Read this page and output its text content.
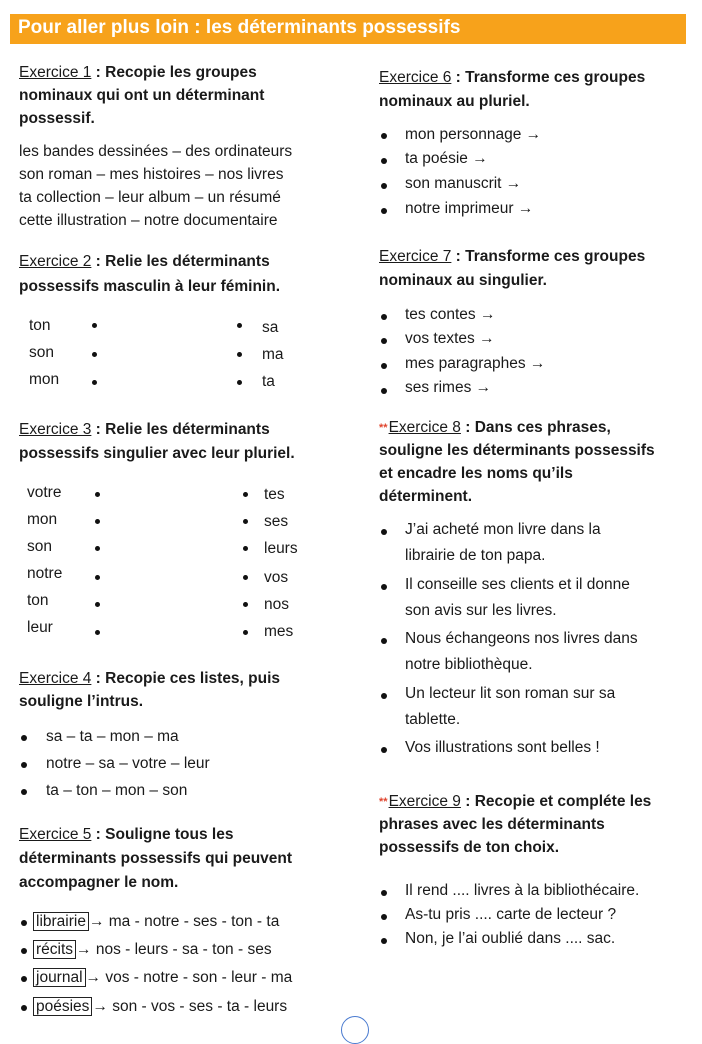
Pour aller plus loin : les déterminants possessifs
Exercice 1 : Recopie les groupes
nominaux qui ont un déterminant
possessif.
les bandes dessinées – des ordinateurs
son roman – mes histoires – nos livres
ta collection – leur album – un résumé
cette illustration – notre documentaire
Exercice 2 : Relie les déterminants
possessifs masculin à leur féminin.
ton	sa
son	ma
mon	ta
Exercice 3 : Relie les déterminants
possessifs singulier avec leur pluriel.
votre	tes
mon	ses
son	leurs
notre	vos
ton	nos
leur	mes
Exercice 4 : Recopie ces listes, puis
souligne l’intrus.
sa – ta – mon – ma
notre – sa – votre – leur
ta – ton – mon – son
Exercice 5 : Souligne tous les
déterminants possessifs qui peuvent
accompagner le nom.
librairie → ma - notre - ses - ton - ta
récits → nos - leurs - sa - ton - ses
journal → vos - notre - son - leur - ma
poésies → son - vos - ses - ta - leurs
Exercice 6 : Transforme ces groupes
nominaux au pluriel.
mon personnage →
ta poésie →
son manuscrit →
notre imprimeur →
Exercice 7 : Transforme ces groupes
nominaux au singulier.
tes contes →
vos textes →
mes paragraphes →
ses rimes →
**Exercice 8 : Dans ces phrases,
souligne les déterminants possessifs
et encadre les noms qu’ils
déterminent.
J’ai acheté mon livre dans la
librairie de ton papa.
Il conseille ses clients et il donne
son avis sur les livres.
Nous échangeons nos livres dans
notre bibliothèque.
Un lecteur lit son roman sur sa
tablette.
Vos illustrations sont belles !
**Exercice 9 : Recopie et compléte les
phrases avec les déterminants
possessifs de ton choix.
Il rend .... livres à la bibliothécaire.
As-tu pris .... carte de lecteur ?
Non, je l’ai oublié dans .... sac.
